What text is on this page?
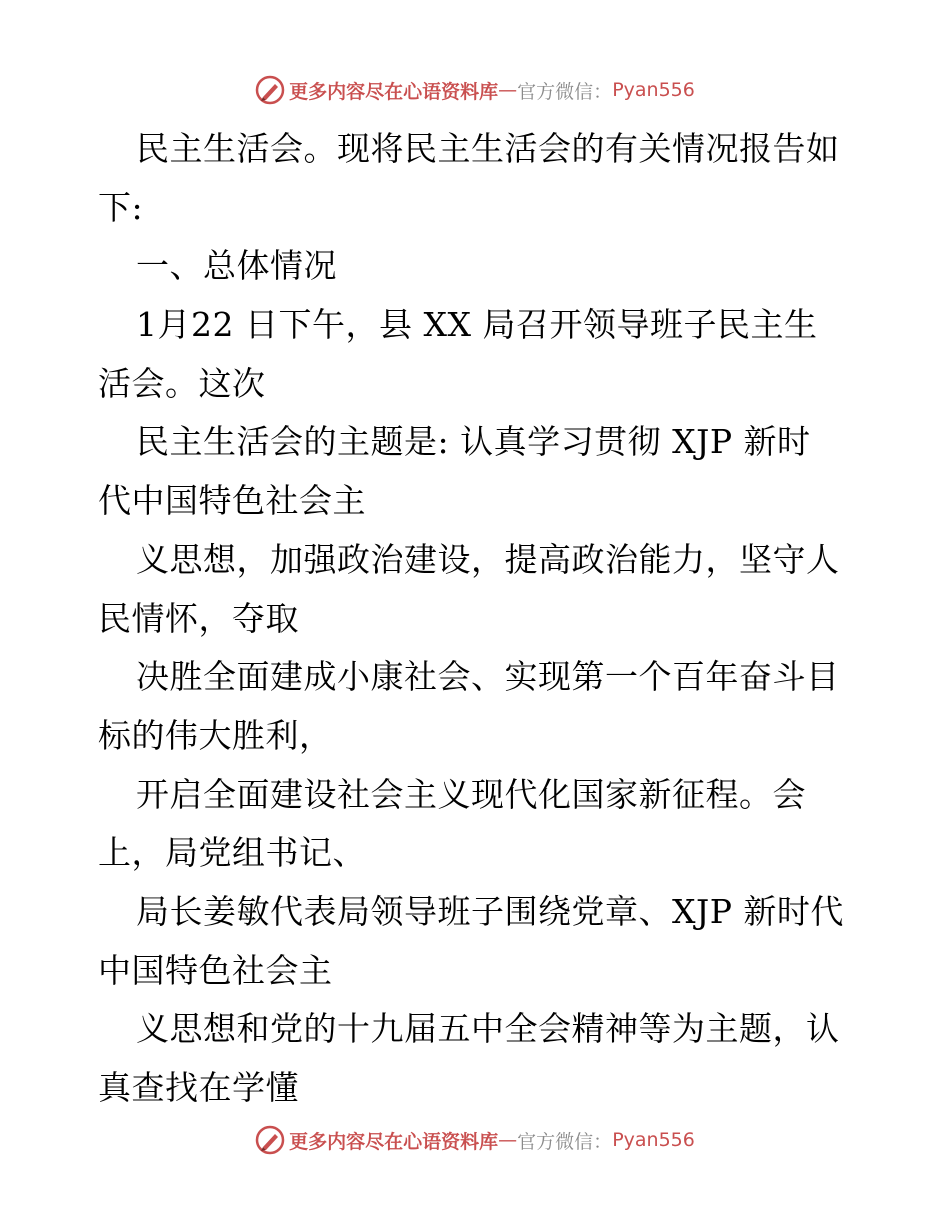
更多内容尽在心语资料库 — 官方微信： Pyan556
民主生活会。现将民主生活会的有关情况报告如
下:
一、总体情况
1月22 日下午，县 XX 局召开领导班子民主生
活会。这次
民主生活会的主题是: 认真学习贯彻 XJP 新时
代中国特色社会主
义思想，加强政治建设，提高政治能力，坚守人
民情怀，夺取
决胜全面建成小康社会、实现第一个百年奋斗目
标的伟大胜利，
开启全面建设社会主义现代化国家新征程。会
上，局党组书记、
局长姜敏代表局领导班子围绕党章、XJP 新时代
中国特色社会主
义思想和党的十九届五中全会精神等为主题，认
真查找在学懂
更多内容尽在心语资料库 — 官方微信： Pyan556
